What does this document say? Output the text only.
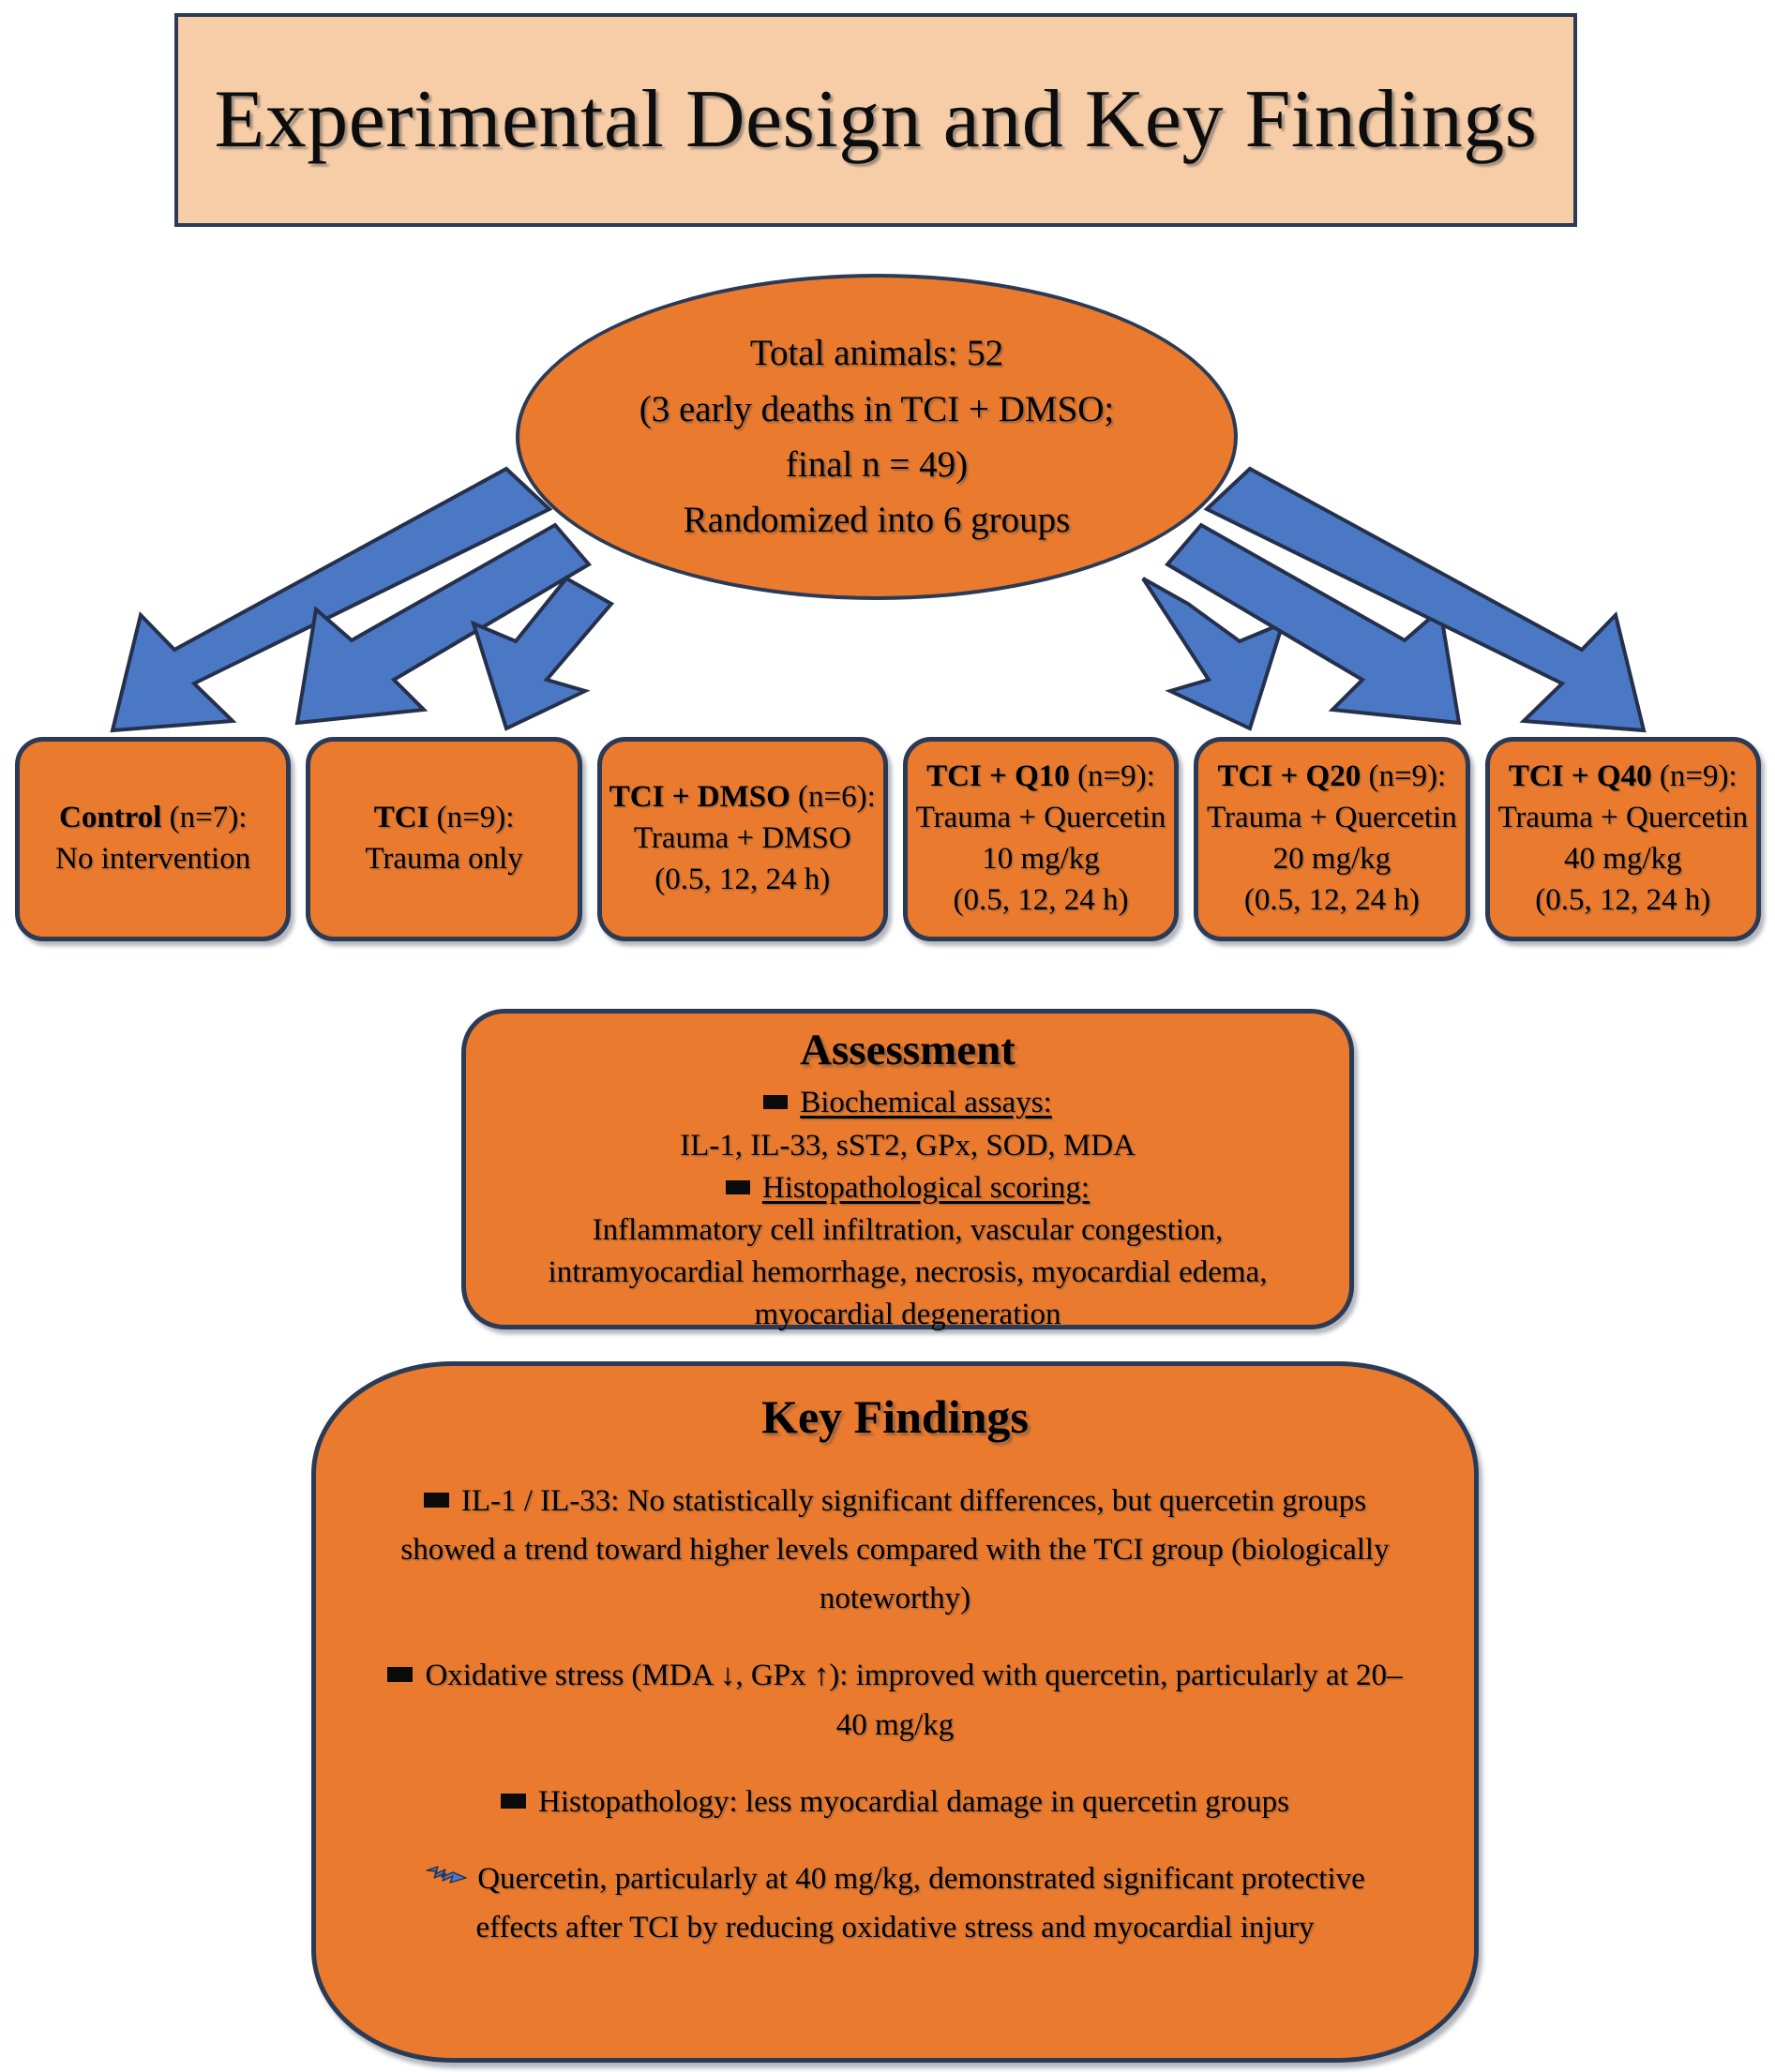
Experimental Design and Key Findings
Total animals: 52
(3 early deaths in TCI + DMSO;
final n = 49)
Randomized into 6 groups
Control (n=7):
No intervention
TCI (n=9):
Trauma only
TCI + DMSO (n=6):
Trauma + DMSO
(0.5, 12, 24 h)
TCI + Q10 (n=9):
Trauma + Quercetin
10 mg/kg
(0.5, 12, 24 h)
TCI + Q20 (n=9):
Trauma + Quercetin
20 mg/kg
(0.5, 12, 24 h)
TCI + Q40 (n=9):
Trauma + Quercetin
40 mg/kg
(0.5, 12, 24 h)
Assessment
Biochemical assays:
IL-1, IL-33, sST2, GPx, SOD, MDA
Histopathological scoring:
Inflammatory cell infiltration, vascular congestion,
intramyocardial hemorrhage, necrosis, myocardial edema,
myocardial degeneration
Key Findings
IL-1 / IL-33: No statistically significant differences, but quercetin groups showed a trend toward higher levels compared with the TCI group (biologically noteworthy)
Oxidative stress (MDA ↓, GPx ↑): improved with quercetin, particularly at 20–40 mg/kg
Histopathology: less myocardial damage in quercetin groups
Quercetin, particularly at 40 mg/kg, demonstrated significant protective effects after TCI by reducing oxidative stress and myocardial injury
